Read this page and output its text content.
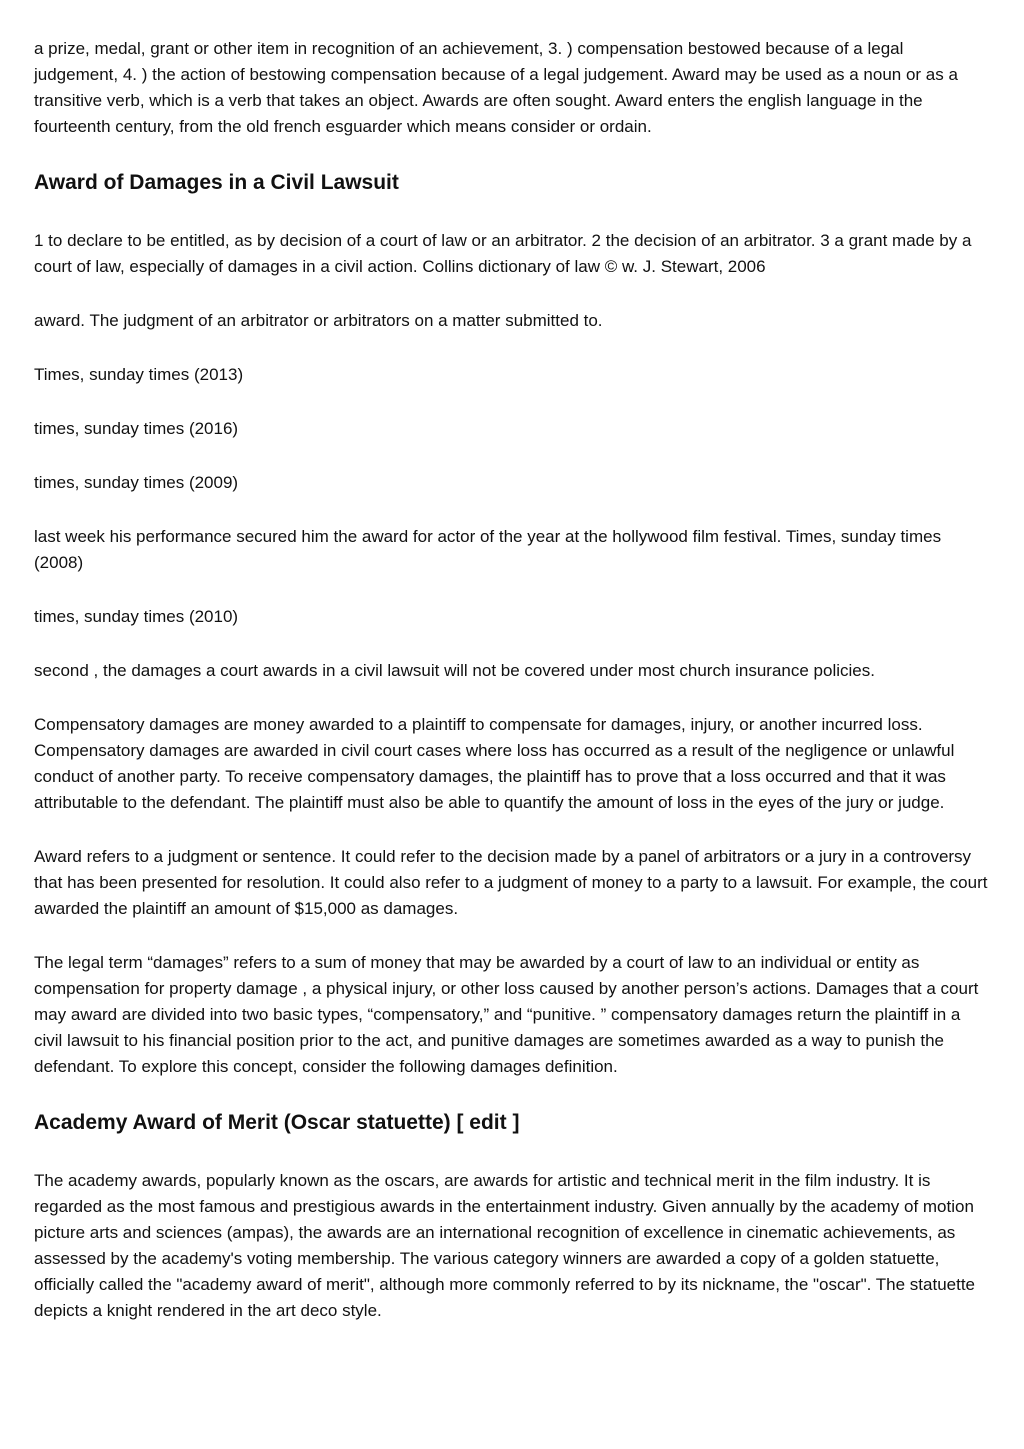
a prize, medal, grant or other item in recognition of an achievement, 3. ) compensation bestowed because of a legal judgement, 4. ) the action of bestowing compensation because of a legal judgement. Award may be used as a noun or as a transitive verb, which is a verb that takes an object. Awards are often sought. Award enters the english language in the fourteenth century, from the old french esguarder which means consider or ordain.

Award of Damages in a Civil Lawsuit

1 to declare to be entitled, as by decision of a court of law or an arbitrator. 2 the decision of an arbitrator. 3 a grant made by a court of law, especially of damages in a civil action. Collins dictionary of law © w. J. Stewart, 2006

award. The judgment of an arbitrator or arbitrators on a matter submitted to.

Times, sunday times (2013)

times, sunday times (2016)

times, sunday times (2009)

last week his performance secured him the award for actor of the year at the hollywood film festival. Times, sunday times (2008)

times, sunday times (2010)

second , the damages a court awards in a civil lawsuit will not be covered under most church insurance policies.

Compensatory damages are money awarded to a plaintiff to compensate for damages, injury, or another incurred loss. Compensatory damages are awarded in civil court cases where loss has occurred as a result of the negligence or unlawful conduct of another party. To receive compensatory damages, the plaintiff has to prove that a loss occurred and that it was attributable to the defendant. The plaintiff must also be able to quantify the amount of loss in the eyes of the jury or judge.

Award refers to a judgment or sentence. It could refer to the decision made by a panel of arbitrators or a jury in a controversy that has been presented for resolution. It could also refer to a judgment of money to a party to a lawsuit. For example, the court awarded the plaintiff an amount of $15,000 as damages.

The legal term “damages” refers to a sum of money that may be awarded by a court of law to an individual or entity as compensation for property damage , a physical injury, or other loss caused by another person’s actions. Damages that a court may award are divided into two basic types, “compensatory,” and “punitive. ” compensatory damages return the plaintiff in a civil lawsuit to his financial position prior to the act, and punitive damages are sometimes awarded as a way to punish the defendant. To explore this concept, consider the following damages definition.

Academy Award of Merit (Oscar statuette) [ edit ]

The academy awards, popularly known as the oscars, are awards for artistic and technical merit in the film industry. It is regarded as the most famous and prestigious awards in the entertainment industry. Given annually by the academy of motion picture arts and sciences (ampas), the awards are an international recognition of excellence in cinematic achievements, as assessed by the academy's voting membership. The various category winners are awarded a copy of a golden statuette, officially called the "academy award of merit", although more commonly referred to by its nickname, the "oscar". The statuette depicts a knight rendered in the art deco style.
